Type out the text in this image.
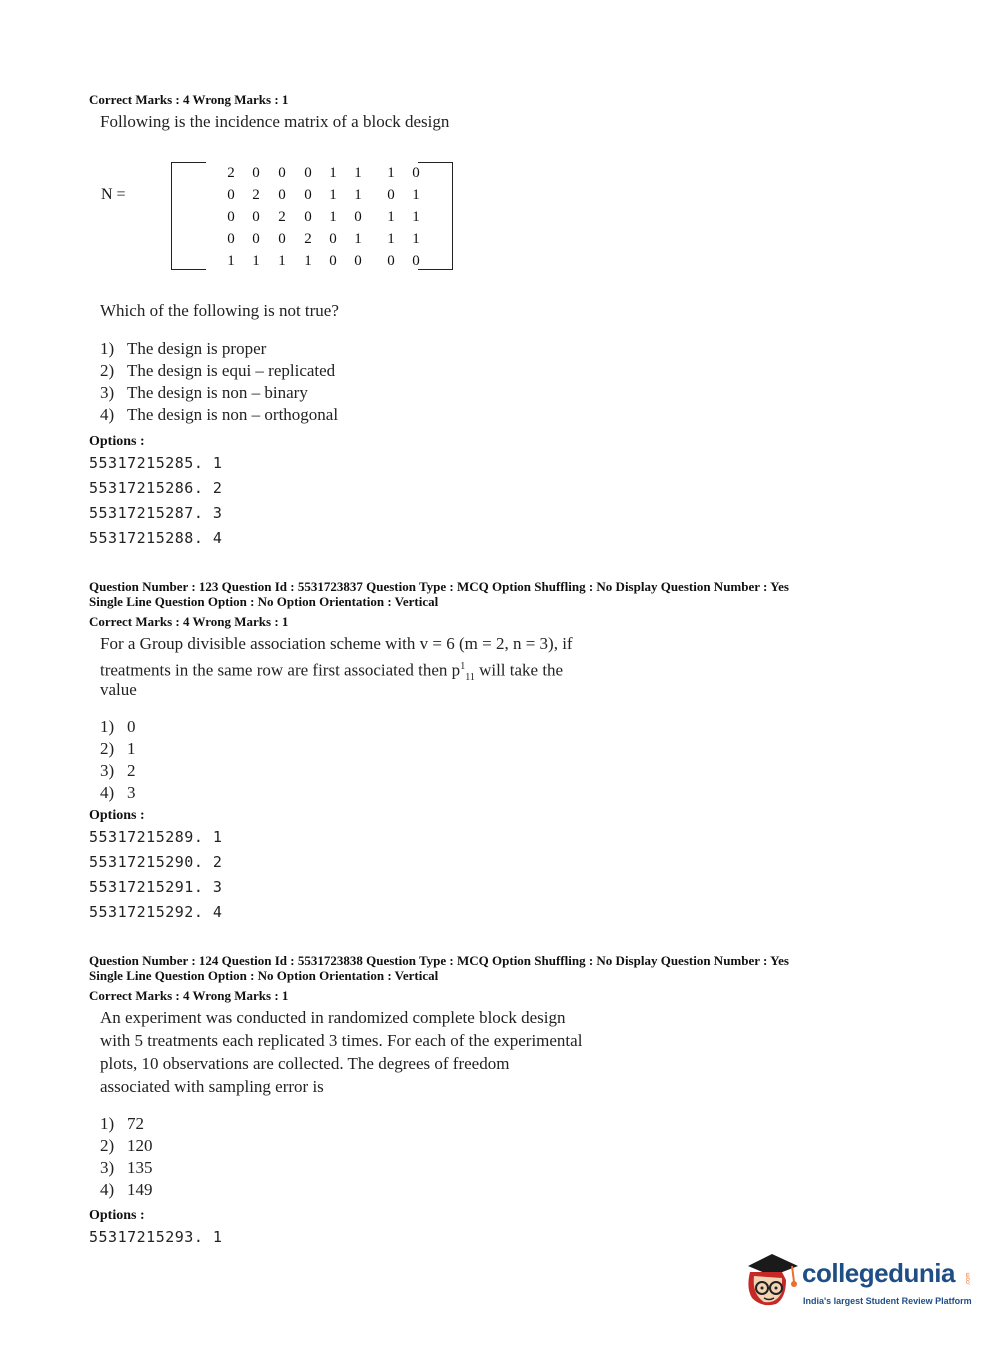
Correct Marks : 4 Wrong Marks : 1
Following is the incidence matrix of a block design
N =
2 0 0 0 1 1 1 0
0 2 0 0 1 1 0 1
0 0 2 0 1 0 1 1
0 0 0 2 0 1 1 1
1 1 1 1 0 0 0 0
Which of the following is not true?
1) The design is proper
2) The design is equi – replicated
3) The design is non – binary
4) The design is non – orthogonal
Options :
55317215285. 1
55317215286. 2
55317215287. 3
55317215288. 4
Question Number : 123 Question Id : 5531723837 Question Type : MCQ Option Shuffling : No Display Question Number : Yes
Single Line Question Option : No Option Orientation : Vertical
Correct Marks : 4 Wrong Marks : 1
For a Group divisible association scheme with v = 6 (m = 2, n = 3), if
treatments in the same row are first associated then $p^1_{11}$ will take the
value
1) 0
2) 1
3) 2
4) 3
Options :
55317215289. 1
55317215290. 2
55317215291. 3
55317215292. 4
Question Number : 124 Question Id : 5531723838 Question Type : MCQ Option Shuffling : No Display Question Number : Yes
Single Line Question Option : No Option Orientation : Vertical
Correct Marks : 4 Wrong Marks : 1
An experiment was conducted in randomized complete block design
with 5 treatments each replicated 3 times. For each of the experimental
plots, 10 observations are collected. The degrees of freedom
associated with sampling error is
1) 72
2) 120
3) 135
4) 149
Options :
55317215293. 1
collegedunia .com
India's largest Student Review Platform
